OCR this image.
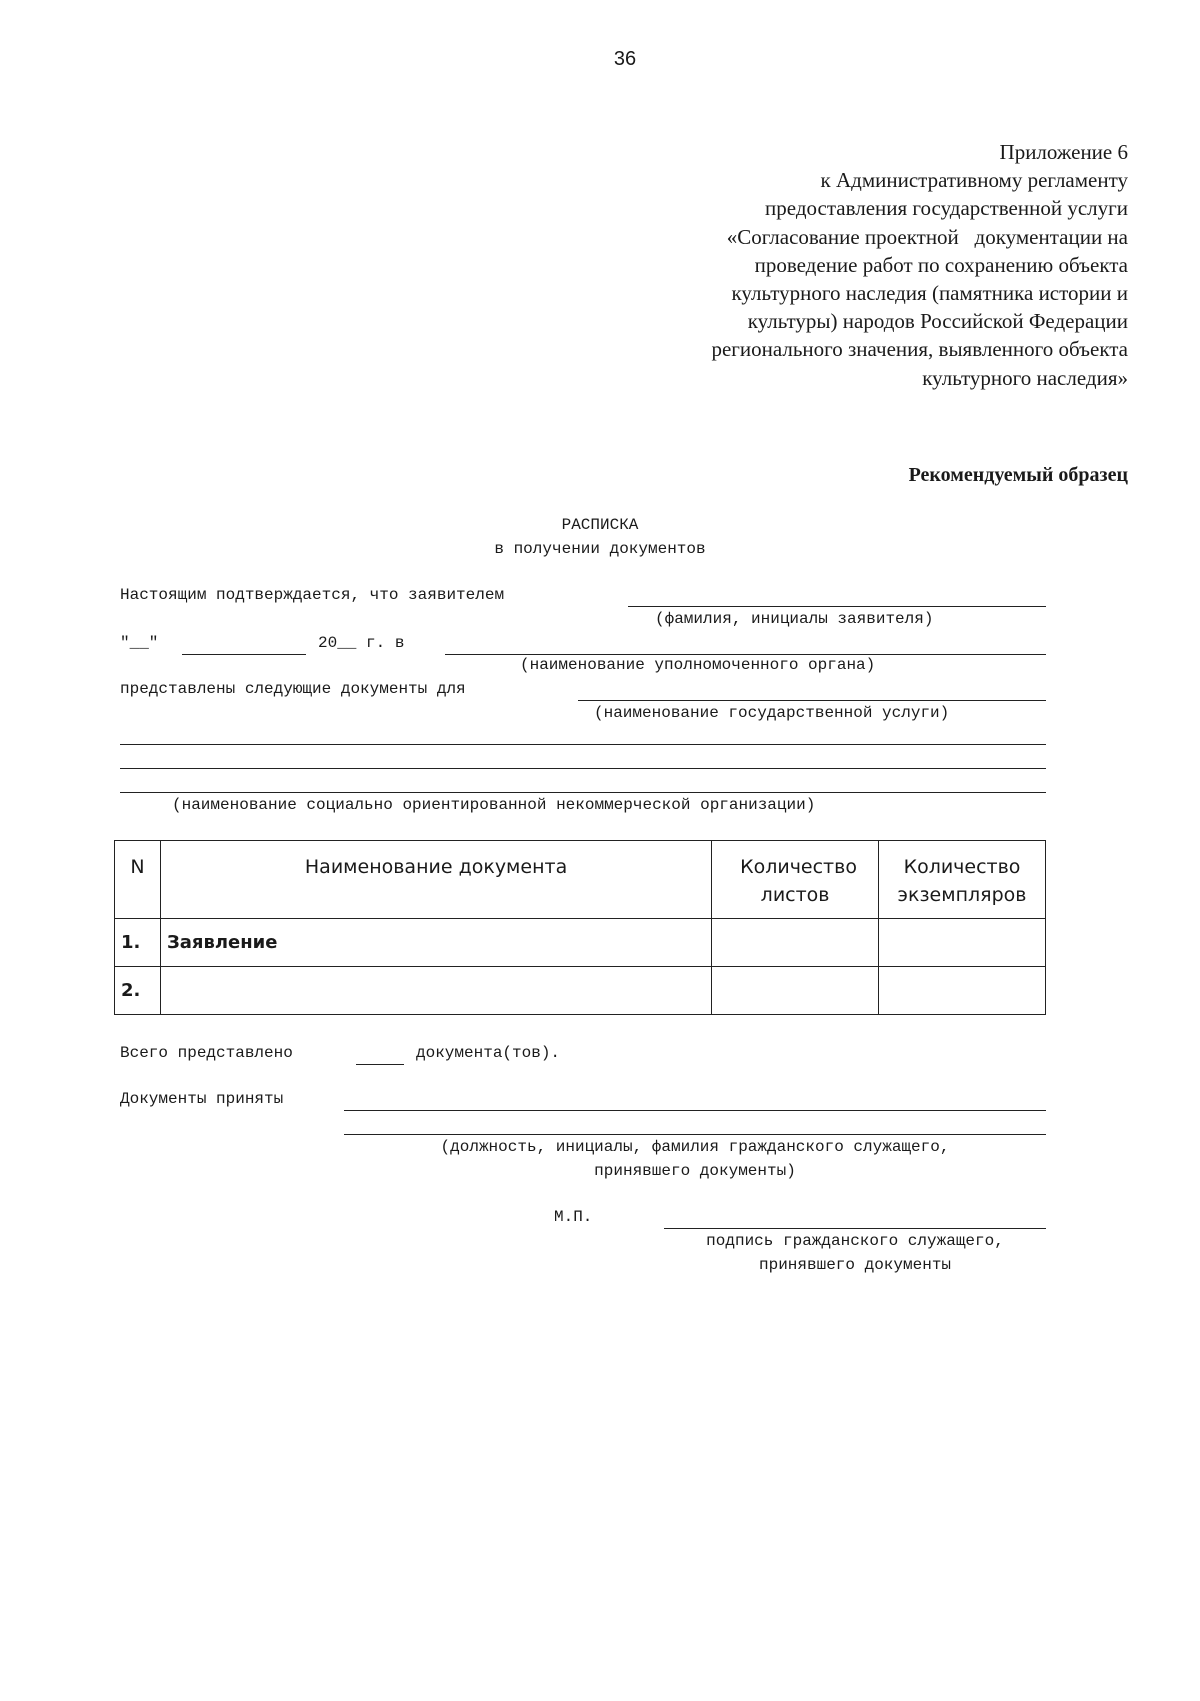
36
Приложение 6
к Административному регламенту
предоставления государственной услуги
«Согласование проектной   документации на
проведение работ по сохранению объекта
культурного наследия (памятника истории и
культуры) народов Российской Федерации
регионального значения, выявленного объекта
культурного наследия»
Рекомендуемый образец
РАСПИСКА
в получении документов
Настоящим подтверждается, что заявителем
(фамилия, инициалы заявителя)
"__"	20__ г. в
(наименование уполномоченного органа)
представлены следующие документы для
(наименование государственной услуги)
(наименование социально ориентированной некоммерческой организации)
N	Наименование документа	Количество листов	Количество экземпляров
1.	Заявление		
2.			
Всего представлено	документа(тов).
Документы приняты
(должность, инициалы, фамилия гражданского служащего,
принявшего документы)
М.П.
подпись гражданского служащего,
принявшего документы
